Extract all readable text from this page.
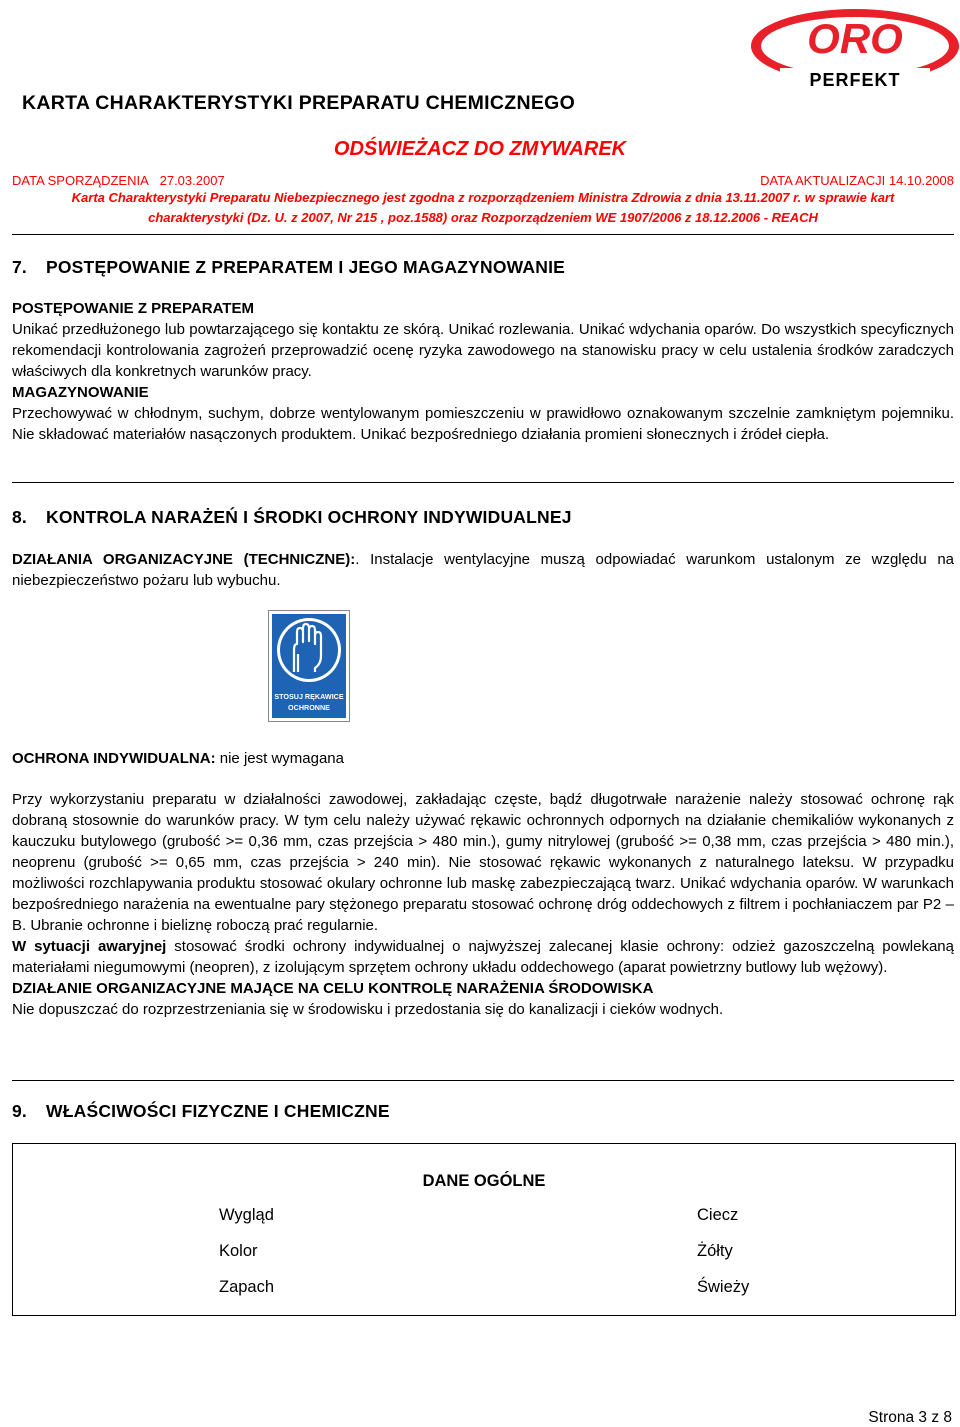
ORO
PERFEKT
KARTA CHARAKTERYSTYKI PREPARATU CHEMICZNEGO
ODŚWIEŻACZ DO ZMYWAREK
DATA SPORZĄDZENIA 27.03.2007	DATA AKTUALIZACJI 14.10.2008
Karta Charakterystyki Preparatu Niebezpiecznego jest zgodna z rozporządzeniem Ministra Zdrowia z dnia 13.11.2007 r. w sprawie kart
charakterystyki (Dz. U. z 2007, Nr 215 , poz.1588) oraz Rozporządzeniem WE 1907/2006 z 18.12.2006 - REACH
7. POSTĘPOWANIE Z PREPARATEM I JEGO MAGAZYNOWANIE
POSTĘPOWANIE Z PREPARATEM
Unikać przedłużonego lub powtarzającego się kontaktu ze skórą. Unikać rozlewania. Unikać wdychania oparów. Do wszystkich specyficznych rekomendacji kontrolowania zagrożeń przeprowadzić ocenę ryzyka zawodowego na stanowisku pracy w celu ustalenia środków zaradczych właściwych dla konkretnych warunków pracy.
MAGAZYNOWANIE
Przechowywać w chłodnym, suchym, dobrze wentylowanym pomieszczeniu w prawidłowo oznakowanym szczelnie zamkniętym pojemniku. Nie składować materiałów nasączonych produktem. Unikać bezpośredniego działania promieni słonecznych i źródeł ciepła.
8. KONTROLA NARAŻEŃ I ŚRODKI OCHRONY INDYWIDUALNEJ
DZIAŁANIA ORGANIZACYJNE (TECHNICZNE):. Instalacje wentylacyjne muszą odpowiadać warunkom ustalonym ze względu na niebezpieczeństwo pożaru lub wybuchu.
STOSUJ RĘKAWICE
OCHRONNE
OCHRONA INDYWIDUALNA: nie jest wymagana
Przy wykorzystaniu preparatu w działalności zawodowej, zakładając częste, bądź długotrwałe narażenie należy stosować ochronę rąk dobraną stosownie do warunków pracy. W tym celu należy używać rękawic ochronnych odpornych na działanie chemikaliów wykonanych z kauczuku butylowego (grubość >= 0,36 mm, czas przejścia > 480 min.), gumy nitrylowej (grubość >= 0,38 mm, czas przejścia > 480 min.), neoprenu (grubość >= 0,65 mm, czas przejścia > 240 min). Nie stosować rękawic wykonanych z naturalnego lateksu. W przypadku możliwości rozchlapywania produktu stosować okulary ochronne lub maskę zabezpieczającą twarz. Unikać wdychania oparów. W warunkach bezpośredniego narażenia na ewentualne pary stężonego preparatu stosować ochronę dróg oddechowych z filtrem i pochłaniaczem par P2 – B. Ubranie ochronne i bieliznę roboczą prać regularnie.
W sytuacji awaryjnej stosować środki ochrony indywidualnej o najwyższej zalecanej klasie ochrony: odzież gazoszczelną powlekaną materiałami niegumowymi (neopren), z izolującym sprzętem ochrony układu oddechowego (aparat powietrzny butlowy lub wężowy).
DZIAŁANIE ORGANIZACYJNE MAJĄCE NA CELU KONTROLĘ NARAŻENIA ŚRODOWISKA
Nie dopuszczać do rozprzestrzeniania się w środowisku i przedostania się do kanalizacji i cieków wodnych.
9. WŁAŚCIWOŚCI FIZYCZNE I CHEMICZNE
DANE OGÓLNE
Wygląd	Ciecz
Kolor	Żółty
Zapach	Świeży
Strona 3 z 8
